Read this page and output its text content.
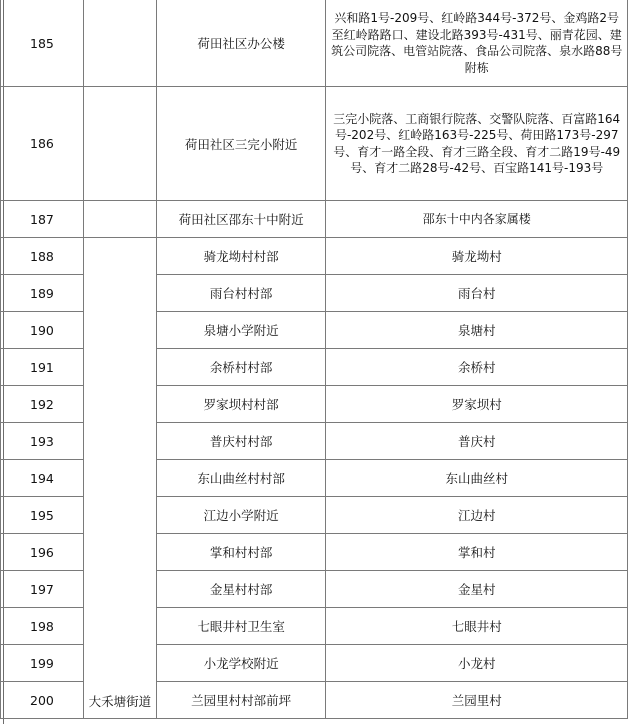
185		荷田社区办公楼	兴和路1号-209号、红岭路344号-372号、金鸡路2号至红岭路路口、建设北路393号-431号、丽青花园、建筑公司院落、电管站院落、食品公司院落、泉水路88号附栋
186		荷田社区三完小附近	三完小院落、工商银行院落、交警队院落、百富路164号-202号、红岭路163号-225号、荷田路173号-297号、育才一路全段、育才三路全段、育才二路19号-49号、育才二路28号-42号、百宝路141号-193号
187		荷田社区邵东十中附近	邵东十中内各家属楼
188	大禾塘街道	骑龙坳村村部	骑龙坳村
189		雨台村村部	雨台村
190		泉塘小学附近	泉塘村
191		余桥村村部	余桥村
192		罗家坝村村部	罗家坝村
193		普庆村村部	普庆村
194		东山曲丝村村部	东山曲丝村
195		江边小学附近	江边村
196		掌和村村部	掌和村
197		金星村村部	金星村
198		七眼井村卫生室	七眼井村
199		小龙学校附近	小龙村
200		兰园里村村部前坪	兰园里村
